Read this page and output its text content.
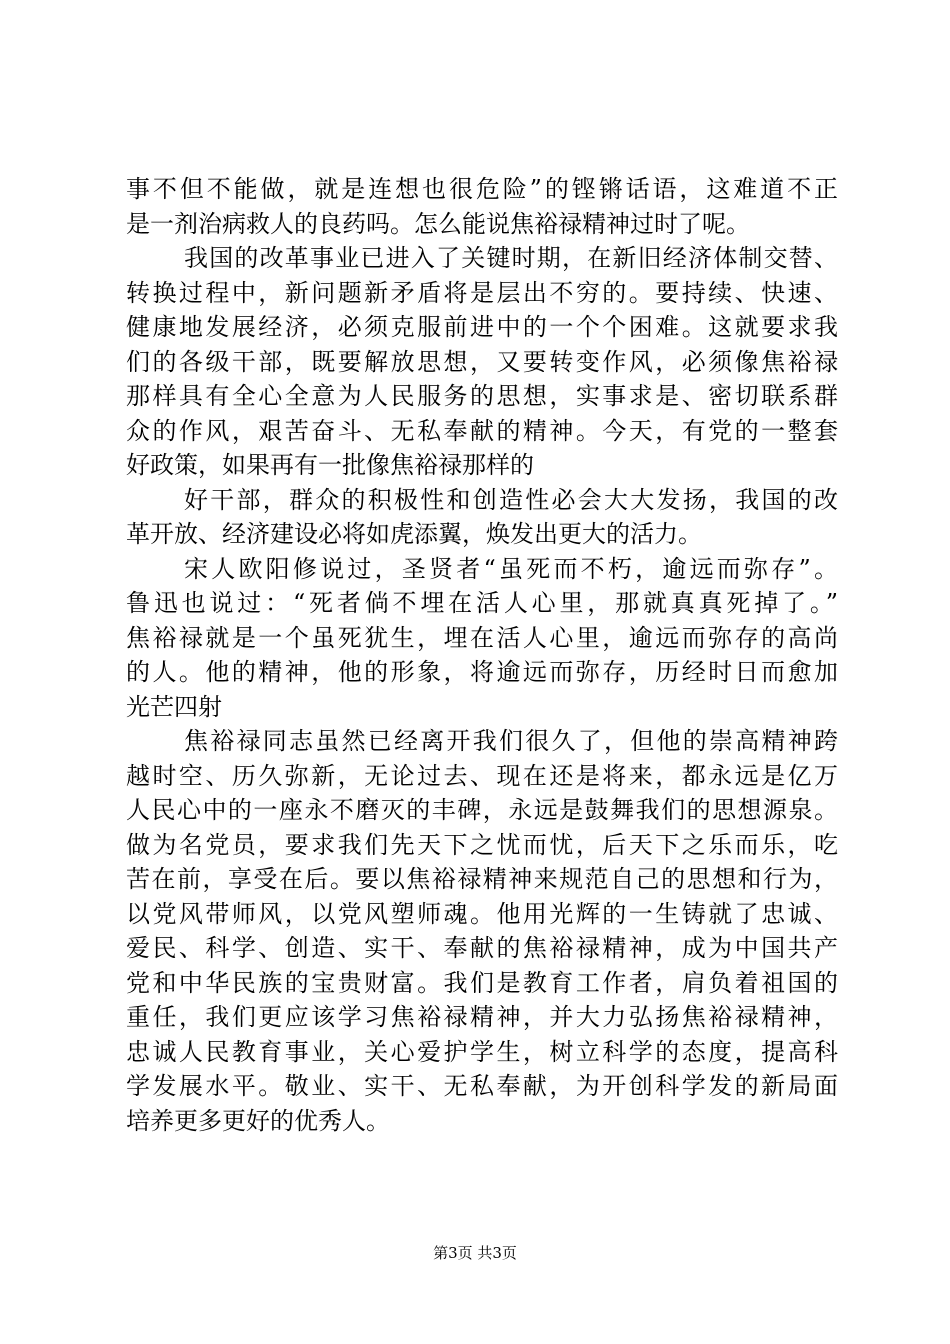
事不但不能做，就是连想也很危险”的铿锵话语，这难道不正
是一剂治病救人的良药吗。怎么能说焦裕禄精神过时了呢。
我国的改革事业已进入了关键时期，在新旧经济体制交替、
转换过程中，新问题新矛盾将是层出不穷的。要持续、快速、
健康地发展经济，必须克服前进中的一个个困难。这就要求我
们的各级干部，既要解放思想，又要转变作风，必须像焦裕禄
那样具有全心全意为人民服务的思想，实事求是、密切联系群
众的作风，艰苦奋斗、无私奉献的精神。今天，有党的一整套
好政策，如果再有一批像焦裕禄那样的
好干部，群众的积极性和创造性必会大大发扬，我国的改
革开放、经济建设必将如虎添翼，焕发出更大的活力。
宋人欧阳修说过，圣贤者“虽死而不朽，逾远而弥存”。
鲁迅也说过：“死者倘不埋在活人心里，那就真真死掉了。”
焦裕禄就是一个虽死犹生，埋在活人心里，逾远而弥存的高尚
的人。他的精神，他的形象，将逾远而弥存，历经时日而愈加
光芒四射
焦裕禄同志虽然已经离开我们很久了，但他的崇高精神跨
越时空、历久弥新，无论过去、现在还是将来，都永远是亿万
人民心中的一座永不磨灭的丰碑，永远是鼓舞我们的思想源泉。
做为名党员，要求我们先天下之忧而忧，后天下之乐而乐，吃
苦在前，享受在后。要以焦裕禄精神来规范自己的思想和行为，
以党风带师风，以党风塑师魂。他用光辉的一生铸就了忠诚、
爱民、科学、创造、实干、奉献的焦裕禄精神，成为中国共产
党和中华民族的宝贵财富。我们是教育工作者，肩负着祖国的
重任，我们更应该学习焦裕禄精神，并大力弘扬焦裕禄精神，
忠诚人民教育事业，关心爱护学生，树立科学的态度，提高科
学发展水平。敬业、实干、无私奉献，为开创科学发的新局面
培养更多更好的优秀人。
第3页 共3页
